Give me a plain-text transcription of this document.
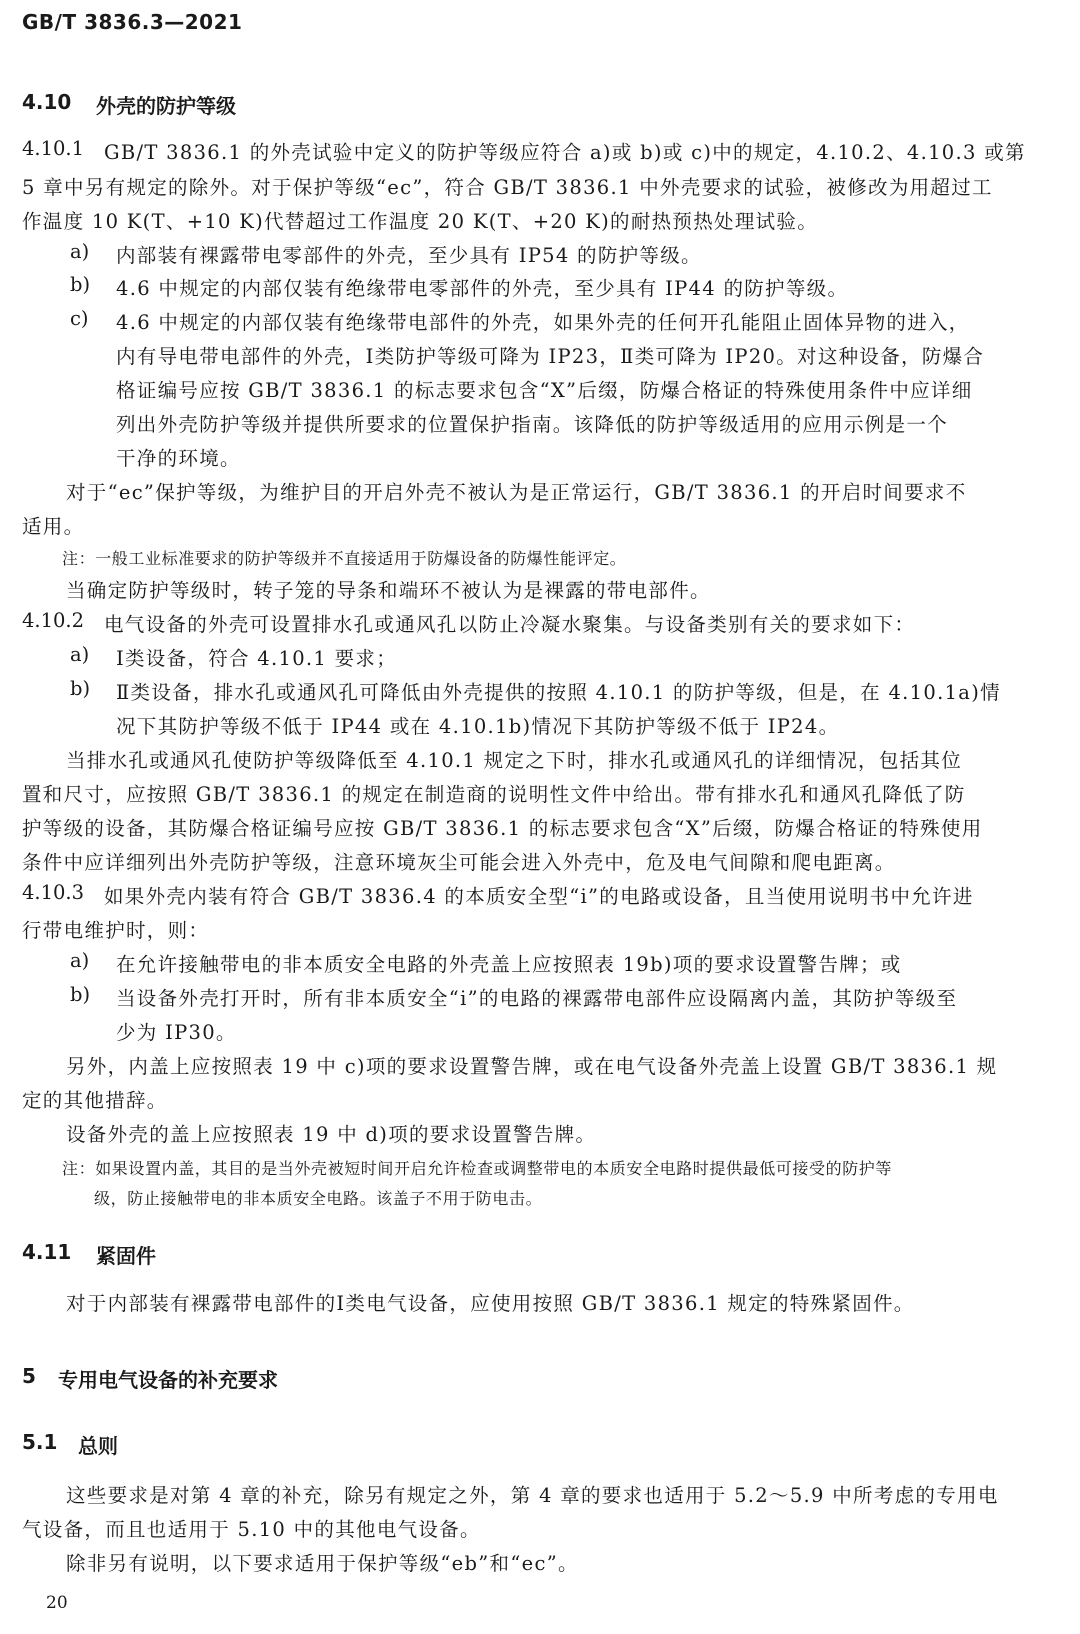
GB/T 3836.3—2021
4.10 外壳的防护等级
4.10.1 GB/T 3836.1 的外壳试验中定义的防护等级应符合 a)或 b)或 c)中的规定，4.10.2、4.10.3 或第
5 章中另有规定的除外。对于保护等级“ec”，符合 GB/T 3836.1 中外壳要求的试验，被修改为用超过工
作温度 10 K(T、+10 K)代替超过工作温度 20 K(T、+20 K)的耐热预热处理试验。
a) 内部装有裸露带电零部件的外壳，至少具有 IP54 的防护等级。
b) 4.6 中规定的内部仅装有绝缘带电零部件的外壳，至少具有 IP44 的防护等级。
c) 4.6 中规定的内部仅装有绝缘带电部件的外壳，如果外壳的任何开孔能阻止固体异物的进入，
内有导电带电部件的外壳，Ⅰ类防护等级可降为 IP23，Ⅱ类可降为 IP20。对这种设备，防爆合
格证编号应按 GB/T 3836.1 的标志要求包含“X”后缀，防爆合格证的特殊使用条件中应详细
列出外壳防护等级并提供所要求的位置保护指南。该降低的防护等级适用的应用示例是一个
干净的环境。
对于“ec”保护等级，为维护目的开启外壳不被认为是正常运行，GB/T 3836.1 的开启时间要求不
适用。
注：一般工业标准要求的防护等级并不直接适用于防爆设备的防爆性能评定。
当确定防护等级时，转子笼的导条和端环不被认为是裸露的带电部件。
4.10.2 电气设备的外壳可设置排水孔或通风孔以防止冷凝水聚集。与设备类别有关的要求如下：
a) Ⅰ类设备，符合 4.10.1 要求；
b) Ⅱ类设备，排水孔或通风孔可降低由外壳提供的按照 4.10.1 的防护等级，但是，在 4.10.1a)情
况下其防护等级不低于 IP44 或在 4.10.1b)情况下其防护等级不低于 IP24。
当排水孔或通风孔使防护等级降低至 4.10.1 规定之下时，排水孔或通风孔的详细情况，包括其位
置和尺寸，应按照 GB/T 3836.1 的规定在制造商的说明性文件中给出。带有排水孔和通风孔降低了防
护等级的设备，其防爆合格证编号应按 GB/T 3836.1 的标志要求包含“X”后缀，防爆合格证的特殊使用
条件中应详细列出外壳防护等级，注意环境灰尘可能会进入外壳中，危及电气间隙和爬电距离。
4.10.3 如果外壳内装有符合 GB/T 3836.4 的本质安全型“i”的电路或设备，且当使用说明书中允许进
行带电维护时，则：
a) 在允许接触带电的非本质安全电路的外壳盖上应按照表 19b)项的要求设置警告牌；或
b) 当设备外壳打开时，所有非本质安全“i”的电路的裸露带电部件应设隔离内盖，其防护等级至
少为 IP30。
另外，内盖上应按照表 19 中 c)项的要求设置警告牌，或在电气设备外壳盖上设置 GB/T 3836.1 规
定的其他措辞。
设备外壳的盖上应按照表 19 中 d)项的要求设置警告牌。
注：如果设置内盖，其目的是当外壳被短时间开启允许检查或调整带电的本质安全电路时提供最低可接受的防护等
级，防止接触带电的非本质安全电路。该盖子不用于防电击。
4.11 紧固件
对于内部装有裸露带电部件的Ⅰ类电气设备，应使用按照 GB/T 3836.1 规定的特殊紧固件。
5 专用电气设备的补充要求
5.1 总则
这些要求是对第 4 章的补充，除另有规定之外，第 4 章的要求也适用于 5.2～5.9 中所考虑的专用电
气设备，而且也适用于 5.10 中的其他电气设备。
除非另有说明，以下要求适用于保护等级“eb”和“ec”。
20
